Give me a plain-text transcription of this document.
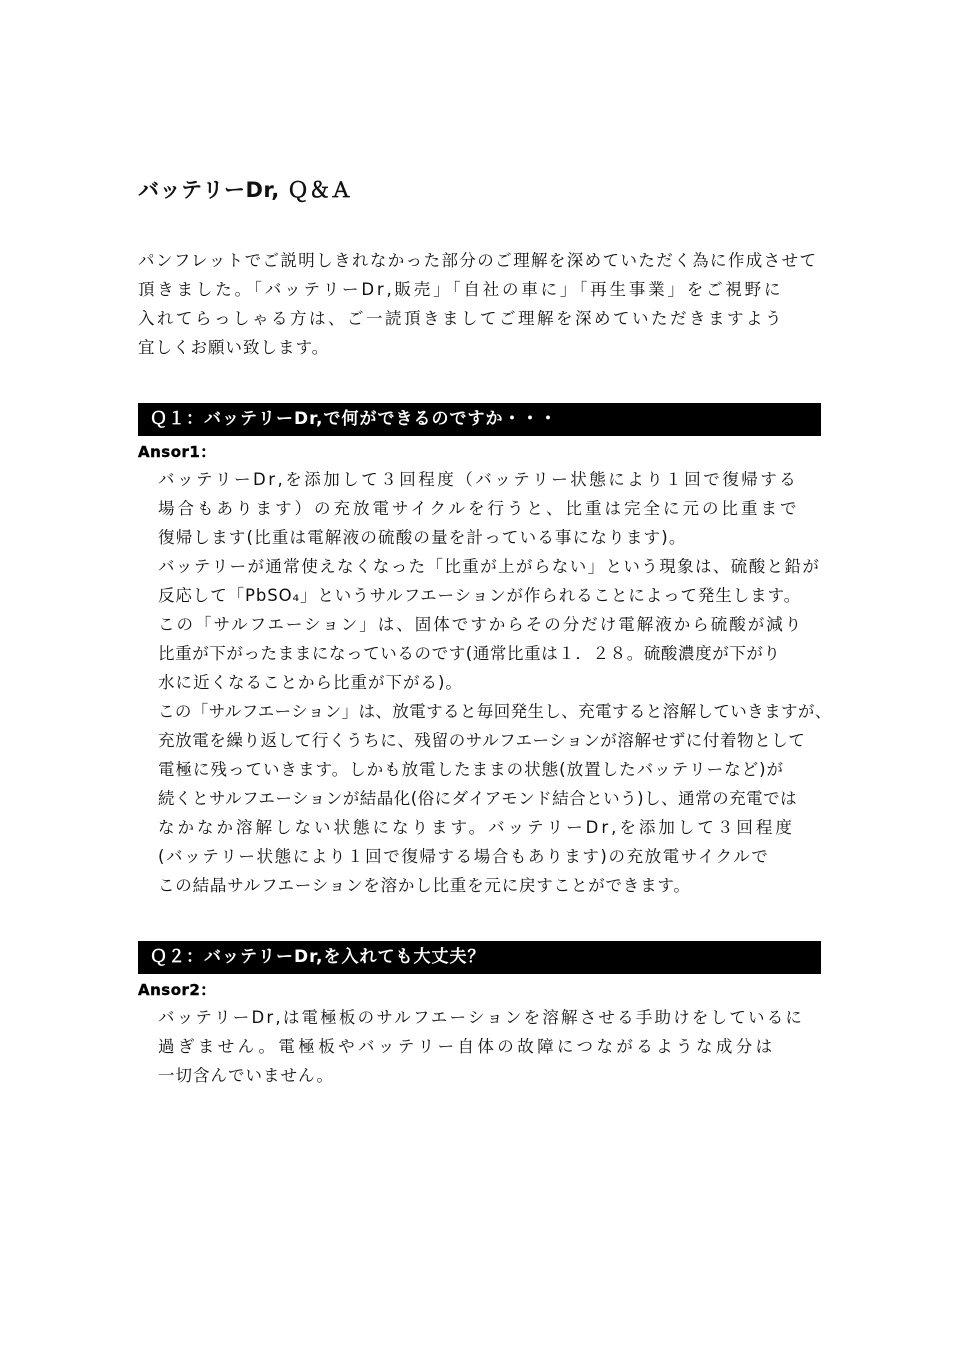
バッテリーDr, Ｑ＆Ａ
パンフレットでご説明しきれなかった部分のご理解を深めていただく為に作成させて
頂きました。「バッテリーDr,販売」「自社の車に」「再生事業」をご視野に
入れてらっしゃる方は、ご一読頂きましてご理解を深めていただきますよう
宜しくお願い致します。
Ｑ１：バッテリーDr,で何ができるのですか・・・
Ansor1：
バッテリーDr,を添加して３回程度（バッテリー状態により１回で復帰する
場合もあります）の充放電サイクルを行うと、比重は完全に元の比重まで
復帰します(比重は電解液の硫酸の量を計っている事になります)。
バッテリーが通常使えなくなった「比重が上がらない」という現象は、硫酸と鉛が
反応して「PbSO₄」というサルフエーションが作られることによって発生します。
この「サルフエーション」は、固体ですからその分だけ電解液から硫酸が減り
比重が下がったままになっているのです(通常比重は１．２８。硫酸濃度が下がり
水に近くなることから比重が下がる)。
この「サルフエーション」は、放電すると毎回発生し、充電すると溶解していきますが、
充放電を繰り返して行くうちに、残留のサルフエーションが溶解せずに付着物として
電極に残っていきます。しかも放電したままの状態(放置したバッテリーなど)が
続くとサルフエーションが結晶化(俗にダイアモンド結合という)し、通常の充電では
なかなか溶解しない状態になります。バッテリーDr,を添加して３回程度
(バッテリー状態により１回で復帰する場合もあります)の充放電サイクルで
この結晶サルフエーションを溶かし比重を元に戻すことができます。
Ｑ２：バッテリーDr,を入れても大丈夫？
Ansor2：
バッテリーDr,は電極板のサルフエーションを溶解させる手助けをしているに
過ぎません。電極板やバッテリー自体の故障につながるような成分は
一切含んでいません。
